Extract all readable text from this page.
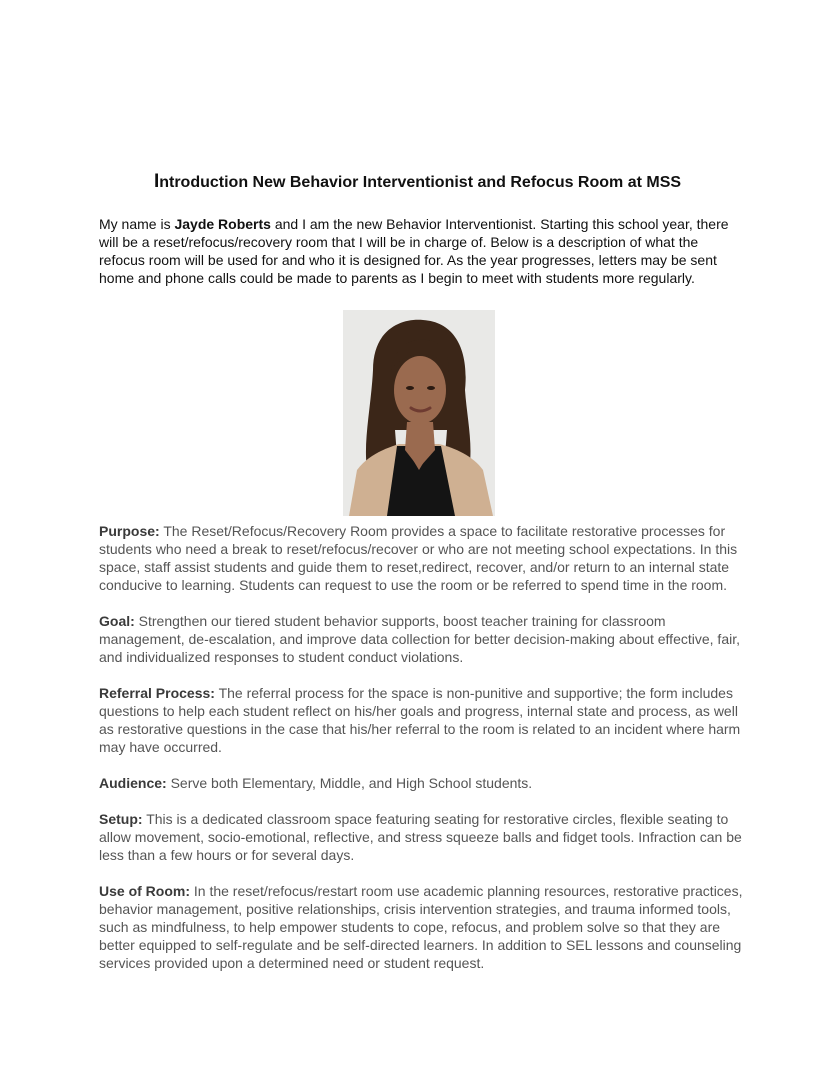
Introduction New Behavior Interventionist and Refocus Room at MSS

My name is Jayde Roberts and I am the new Behavior Interventionist. Starting this school year, there will be a reset/refocus/recovery room that I will be in charge of. Below is a description of what the refocus room will be used for and who it is designed for. As the year progresses, letters may be sent home and phone calls could be made to parents as I begin to meet with students more regularly.

Purpose: The Reset/Refocus/Recovery Room provides a space to facilitate restorative processes for students who need a break to reset/refocus/recover or who are not meeting school expectations. In this space, staff assist students and guide them to reset,redirect, recover, and/or return to an internal state conducive to learning. Students can request to use the room or be referred to spend time in the room.

Goal: Strengthen our tiered student behavior supports, boost teacher training for classroom management, de-escalation, and improve data collection for better decision-making about effective, fair, and individualized responses to student conduct violations.

Referral Process: The referral process for the space is non-punitive and supportive; the form includes questions to help each student reflect on his/her goals and progress, internal state and process, as well as restorative questions in the case that his/her referral to the room is related to an incident where harm may have occurred.

Audience: Serve both Elementary, Middle, and High School students.

Setup: This is a dedicated classroom space featuring seating for restorative circles, flexible seating to allow movement, socio-emotional, reflective, and stress squeeze balls and fidget tools. Infraction can be less than a few hours or for several days.

Use of Room: In the reset/refocus/restart room use academic planning resources, restorative practices, behavior management, positive relationships, crisis intervention strategies, and trauma informed tools, such as mindfulness, to help empower students to cope, refocus, and problem solve so that they are better equipped to self-regulate and be self-directed learners. In addition to SEL lessons and counseling services provided upon a determined need or student request.
